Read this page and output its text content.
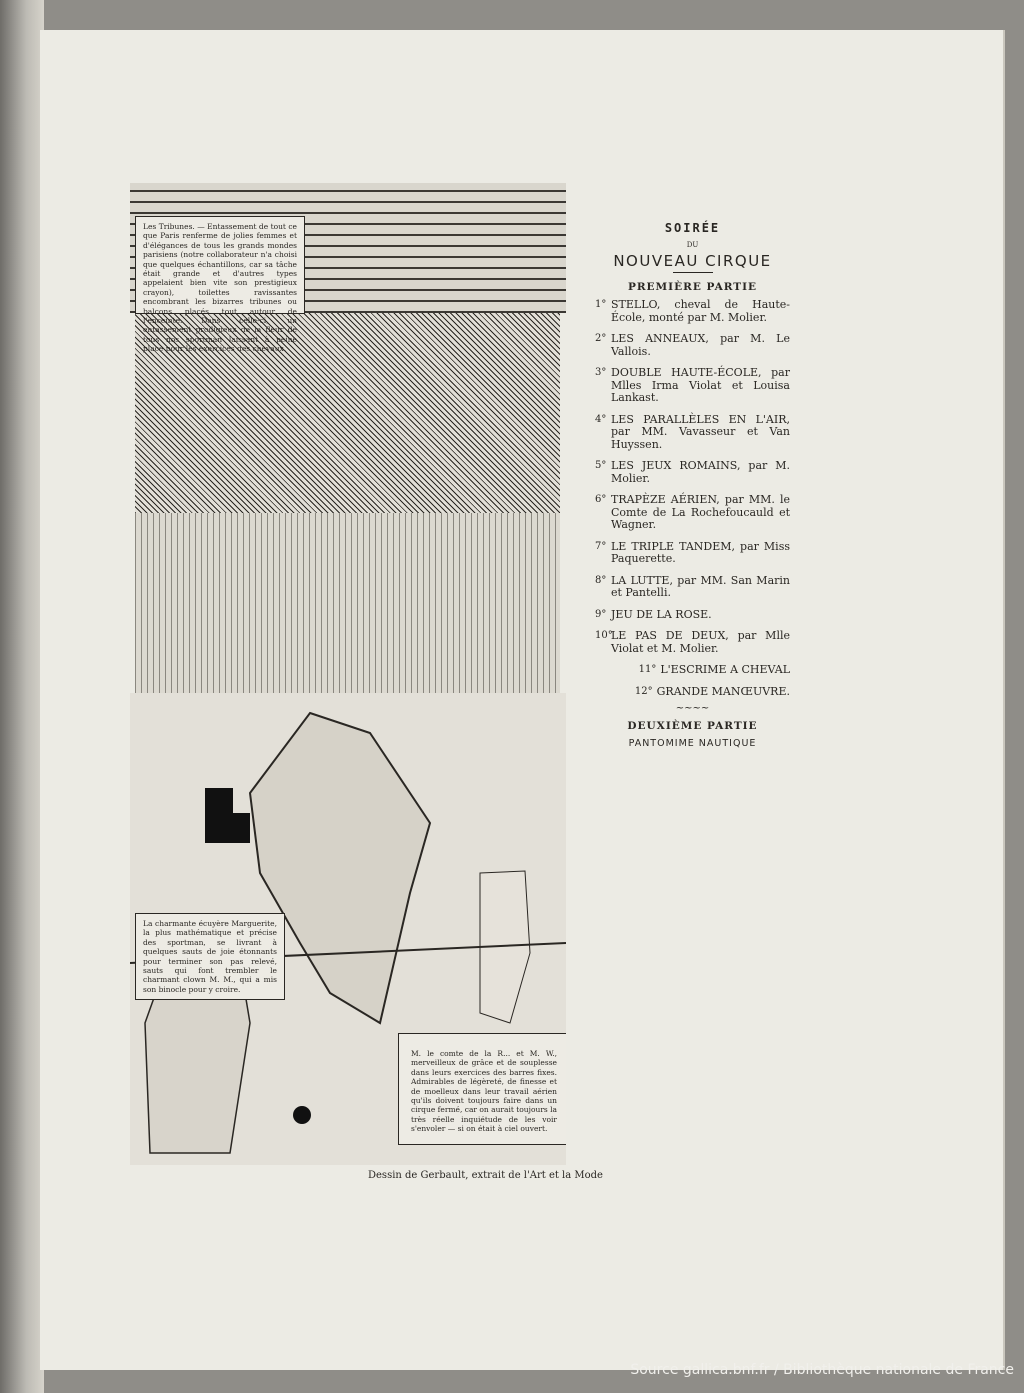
Les Tribunes. — Entassement de tout ce que Paris renferme de jolies femmes et d'élégances de tous les grands mondes parisiens (notre collaborateur n'a choisi que quelques échantillons, car sa tâche était grande et d'autres types appelaient bien vite son prestigieux crayon), toilettes ravissantes encombrant les bizarres tribunes ou balcons placés tout autour de l'enceinte. Dans celle-ci, un entassement prodigieux de la fleur de tous nos sportman laissant à peine place pour les exercices des chevaux.
La charmante écuyère Marguerite, la plus mathématique et précise des sportman, se livrant à quelques sauts de joie étonnants pour terminer son pas relevé, sauts qui font trembler le charmant clown M. M., qui a mis son binocle pour y croire.
M. le comte de la R... et M. W., merveilleux de grâce et de souplesse dans leurs exercices des barres fixes. Admirables de légèreté, de finesse et de moelleux dans leur travail aérien qu'ils doivent toujours faire dans un cirque fermé, car on aurait toujours la très réelle inquiétude de les voir s'envoler — si on était à ciel ouvert.
SOIRÉE
DU
NOUVEAU CIRQUE
PREMIÈRE PARTIE
1° STELLO, cheval de Haute-École, monté par M. Molier.
2° LES ANNEAUX, par M. Le Vallois.
3° DOUBLE HAUTE-ÉCOLE, par Mlles Irma Violat et Louisa Lankast.
4° LES PARALLÈLES EN L'AIR, par MM. Vavasseur et Van Huyssen.
5° LES JEUX ROMAINS, par M. Molier.
6° TRAPÈZE AÉRIEN, par MM. le Comte de La Rochefoucauld et Wagner.
7° LE TRIPLE TANDEM, par Miss Paquerette.
8° LA LUTTE, par MM. San Marin et Pantelli.
9° JEU DE LA ROSE.
10°
LE PAS DE DEUX, par Mlle Violat et M. Molier.
11° L'ESCRIME A CHEVAL
12° GRANDE MANŒUVRE.
~~~~
DEUXIÈME PARTIE
PANTOMIME NAUTIQUE
Dessin de Gerbault, extrait de l'Art et la Mode
Source gallica.bnf.fr / Bibliothèque nationale de France
